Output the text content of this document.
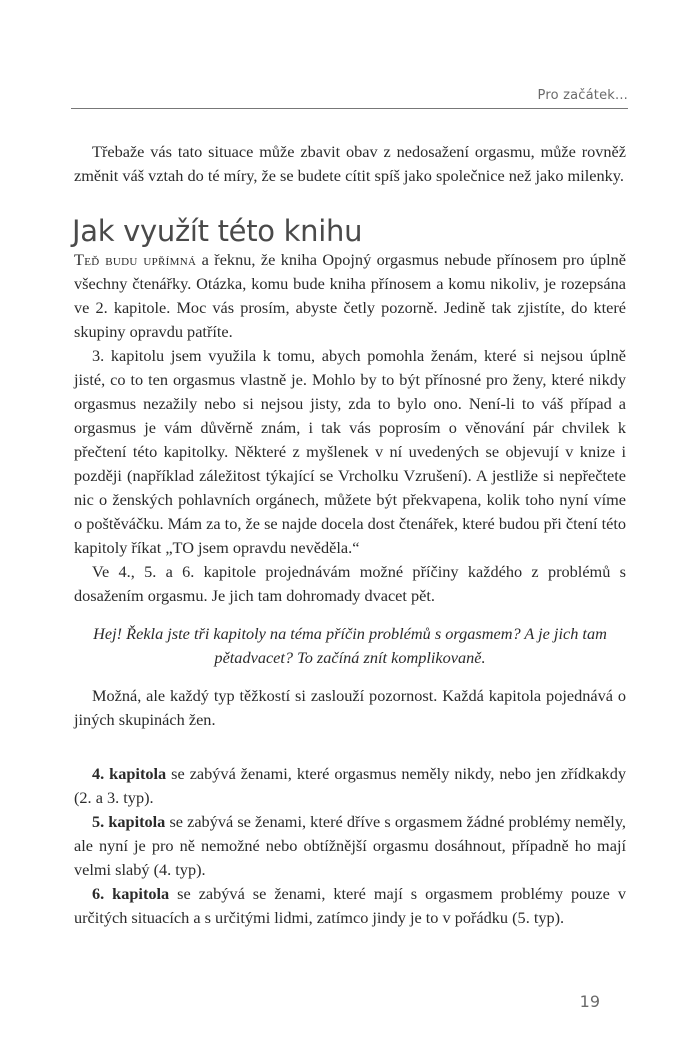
Pro začátek...

Třebaže vás tato situace může zbavit obav z nedosažení orgasmu, může rovněž změnit váš vztah do té míry, že se budete cítit spíš jako společnice než jako milenky.

Jak využít této knihu

Teď budu upřímná a řeknu, že kniha Opojný orgasmus nebude přínosem pro úplně všechny čtenářky. Otázka, komu bude kniha přínosem a komu nikoliv, je rozepsána ve 2. kapitole. Moc vás prosím, abyste četly pozorně. Jedině tak zjistíte, do které skupiny opravdu patříte.

3. kapitolu jsem využila k tomu, abych pomohla ženám, které si nejsou úplně jisté, co to ten orgasmus vlastně je. Mohlo by to být přínosné pro ženy, které nikdy orgasmus nezažily nebo si nejsou jisty, zda to bylo ono. Není-li to váš případ a orgasmus je vám důvěrně znám, i tak vás poprosím o věnování pár chvilek k přečtení této kapitolky. Některé z myšlenek v ní uvedených se objevují v knize i později (například záležitost týkající se Vrcholku Vzrušení). A jestliže si nepřečtete nic o ženských pohlavních orgánech, můžete být překvapena, kolik toho nyní víme o poštěváčku. Mám za to, že se najde docela dost čtenářek, které budou při čtení této kapitoly říkat „TO jsem opravdu nevěděla.“

Ve 4., 5. a 6. kapitole projednávám možné příčiny každého z problémů s dosažením orgasmu. Je jich tam dohromady dvacet pět.

Hej! Řekla jste tři kapitoly na téma příčin problémů s orgasmem? A je jich tam pětadvacet? To začíná znít komplikovaně.

Možná, ale každý typ těžkostí si zaslouží pozornost. Každá kapitola pojednává o jiných skupinách žen.

4. kapitola se zabývá ženami, které orgasmus neměly nikdy, nebo jen zřídkakdy (2. a 3. typ).

5. kapitola se zabývá se ženami, které dříve s orgasmem žádné problémy neměly, ale nyní je pro ně nemožné nebo obtížnější orgasmu dosáhnout, případně ho mají velmi slabý (4. typ).

6. kapitola se zabývá se ženami, které mají s orgasmem problémy pouze v určitých situacích a s určitými lidmi, zatímco jindy je to v pořádku (5. typ).

19
